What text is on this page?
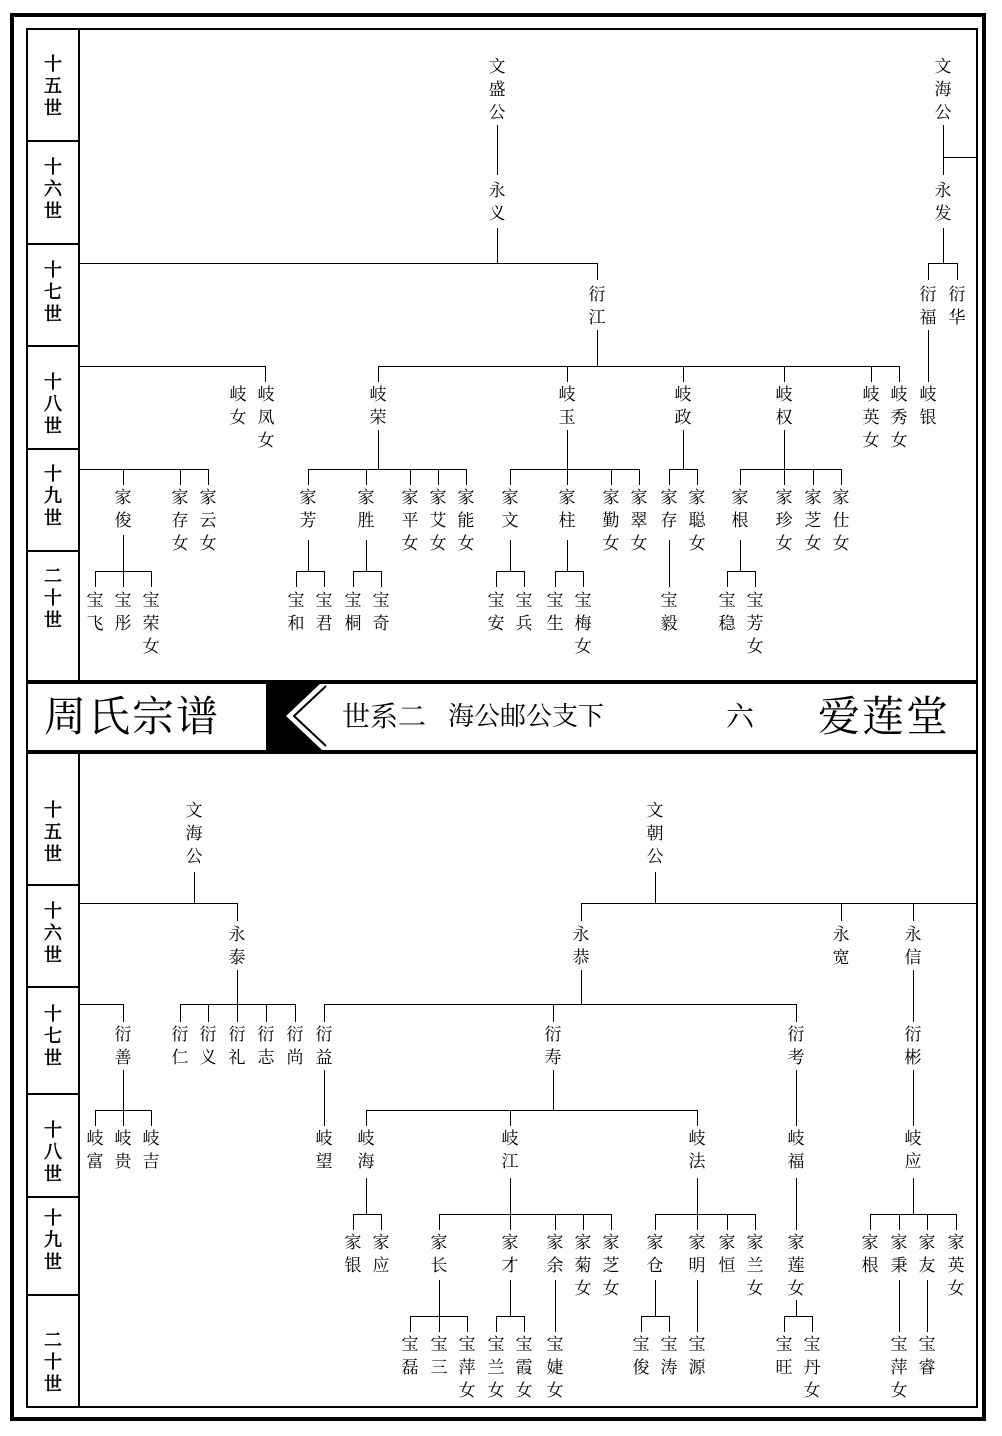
十
五
世
十
六
世
十
七
世
十
八
世
十
九
世
二
十
世
十
五
世
十
六
世
十
七
世
十
八
世
十
九
世
二
十
世
周氏宗谱	世系二 海公邮公支下	六 爱莲堂
文
盛
公
永
义
文
海
公
永
发
衍
江
衍
福
衍
华
岐
女
岐
凤
女
岐
荣
岐
玉
岐
政
岐
权
岐
英
女
岐
秀
女
岐
银
家
俊
家
存
女
家
云
女
家
芳
家
胜
家
平
女
家
艾
女
家
能
女
家
文
家
柱
家
勤
女
家
翠
女
家
存
家
聪
女
家
根
家
珍
女
家
芝
女
家
仕
女
宝
飞
宝
彤
宝
荣
女
宝
和
宝
君
宝
桐
宝
奇
宝
安
宝
兵
宝
生
宝
梅
女
宝
毅
宝
稳
宝
芳
女
文
海
公
文
朝
公
永
泰
永
恭
永
宽
永
信
衍
善
衍
仁
衍
义
衍
礼
衍
志
衍
尚
衍
益
衍
寿
衍
考
衍
彬
岐
富
岐
贵
岐
吉
岐
望
岐
海
岐
江
岐
法
岐
福
岐
应
家
银
家
应
家
长
家
才
家
余
家
菊
女
家
芝
女
家
仓
家
明
家
恒
家
兰
女
家
莲
女
家
根
家
秉
家
友
家
英
女
宝
磊
宝
三
宝
萍
女
宝
兰
女
宝
霞
女
宝
婕
女
宝
俊
宝
涛
宝
源
宝
旺
宝
丹
女
宝
萍
女
宝
睿
